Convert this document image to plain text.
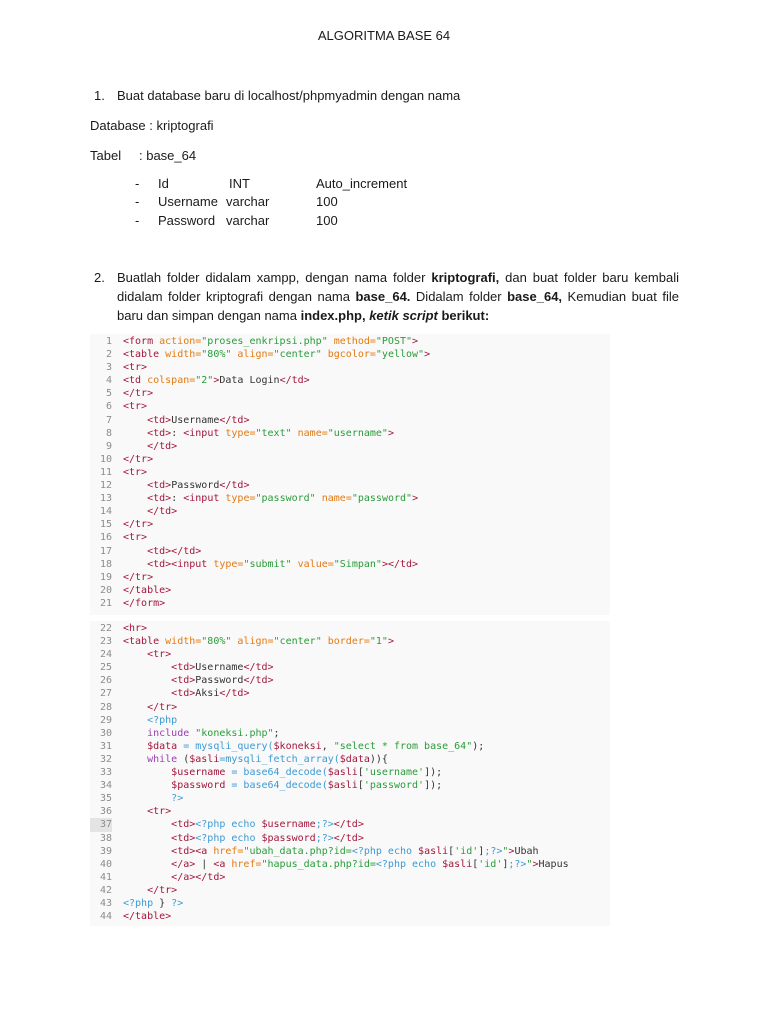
ALGORITMA BASE 64
1. Buat database baru di localhost/phpmyadmin dengan nama
Database : kriptografi
Tabel : base_64
- Id	INT	Auto_increment
- Username varchar	100
- Password varchar	100
2. Buatlah folder didalam xampp, dengan nama folder kriptografi, dan buat folder baru kembali didalam folder kriptografi dengan nama base_64. Didalam folder base_64, Kemudian buat file baru dan simpan dengan nama index.php, ketik script berikut:
1 <form action="proses_enkripsi.php" method="POST">
2 <table width="80%" align="center" bgcolor="yellow">
3 <tr>
4 <td colspan="2">Data Login</td>
5 </tr>
6 <tr>
7	<td>Username</td>
8	<td>: <input type="text" name="username">
9	</td>
10 </tr>
11 <tr>
12	<td>Password</td>
13	<td>: <input type="password" name="password">
14	</td>
15 </tr>
16 <tr>
17	<td></td>
18	<td><input type="submit" value="Simpan"></td>
19 </tr>
20 </table>
21 </form>
22 <hr>
23 <table width="80%" align="center" border="1">
24	<tr>
25	<td>Username</td>
26	<td>Password</td>
27	<td>Aksi</td>
28	</tr>
29	<?php
30	include "koneksi.php";
31	$data = mysqli_query($koneksi, "select * from base_64");
32	while ($asli=mysqli_fetch_array($data)){
33	$username = base64_decode($asli['username']);
34	$password = base64_decode($asli['password']);
35	?>
36	<tr>
37	<td><?php echo $username;?></td>
38	<td><?php echo $password;?></td>
39	<td><a href="ubah_data.php?id=<?php echo $asli['id'];?>">Ubah
40	</a> | <a href="hapus_data.php?id=<?php echo $asli['id'];?>">Hapus
41	</a></td>
42	</tr>
43 <?php } ?>
44 </table>
